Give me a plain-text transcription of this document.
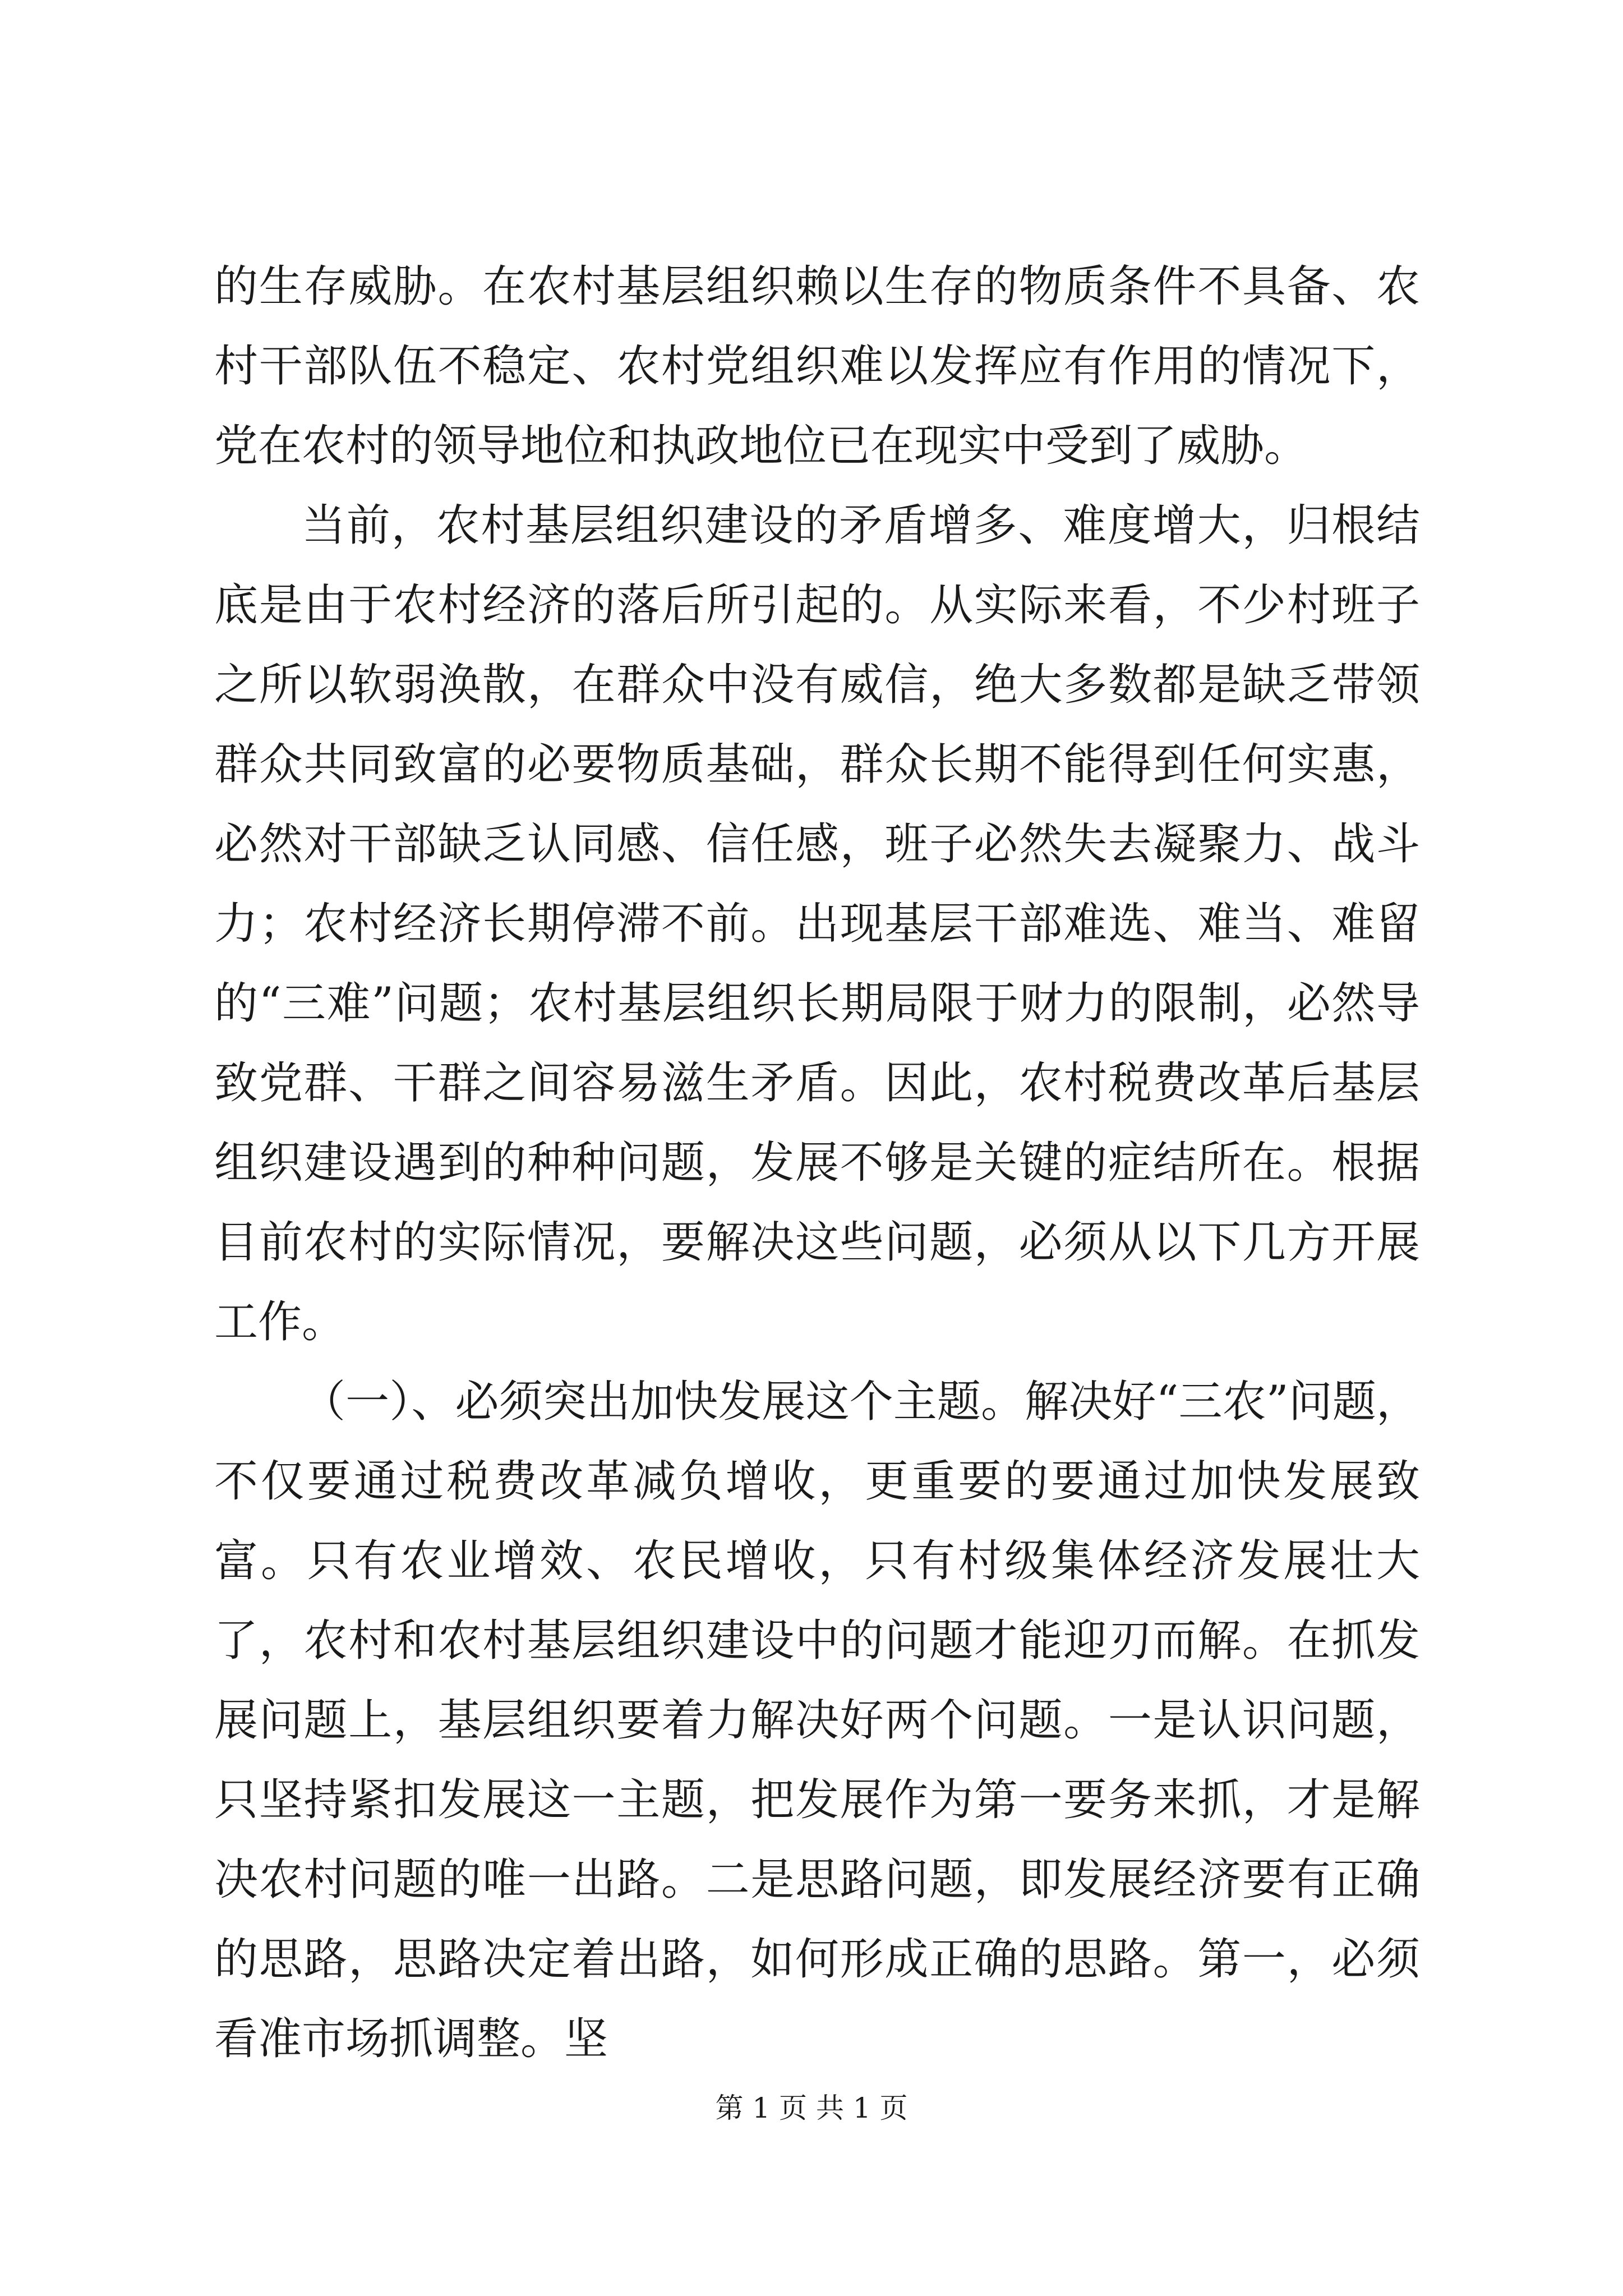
的生存威胁。在农村基层组织赖以生存的物质条件不具备、农村干部队伍不稳定、农村党组织难以发挥应有作用的情况下，党在农村的领导地位和执政地位已在现实中受到了威胁。

当前，农村基层组织建设的矛盾增多、难度增大，归根结底是由于农村经济的落后所引起的。从实际来看，不少村班子之所以软弱涣散，在群众中没有威信，绝大多数都是缺乏带领群众共同致富的必要物质基础，群众长期不能得到任何实惠，必然对干部缺乏认同感、信任感，班子必然失去凝聚力、战斗力；农村经济长期停滞不前。出现基层干部难选、难当、难留的“三难”问题；农村基层组织长期局限于财力的限制，必然导致党群、干群之间容易滋生矛盾。因此，农村税费改革后基层组织建设遇到的种种问题，发展不够是关键的症结所在。根据目前农村的实际情况，要解决这些问题，必须从以下几方开展工作。

（一）、必须突出加快发展这个主题。解决好“三农”问题，不仅要通过税费改革减负增收，更重要的要通过加快发展致富。只有农业增效、农民增收，只有村级集体经济发展壮大了，农村和农村基层组织建设中的问题才能迎刃而解。在抓发展问题上，基层组织要着力解决好两个问题。一是认识问题，只坚持紧扣发展这一主题，把发展作为第一要务来抓，才是解决农村问题的唯一出路。二是思路问题，即发展经济要有正确的思路，思路决定着出路，如何形成正确的思路。第一，必须看准市场抓调整。坚

第 1 页 共 1 页
